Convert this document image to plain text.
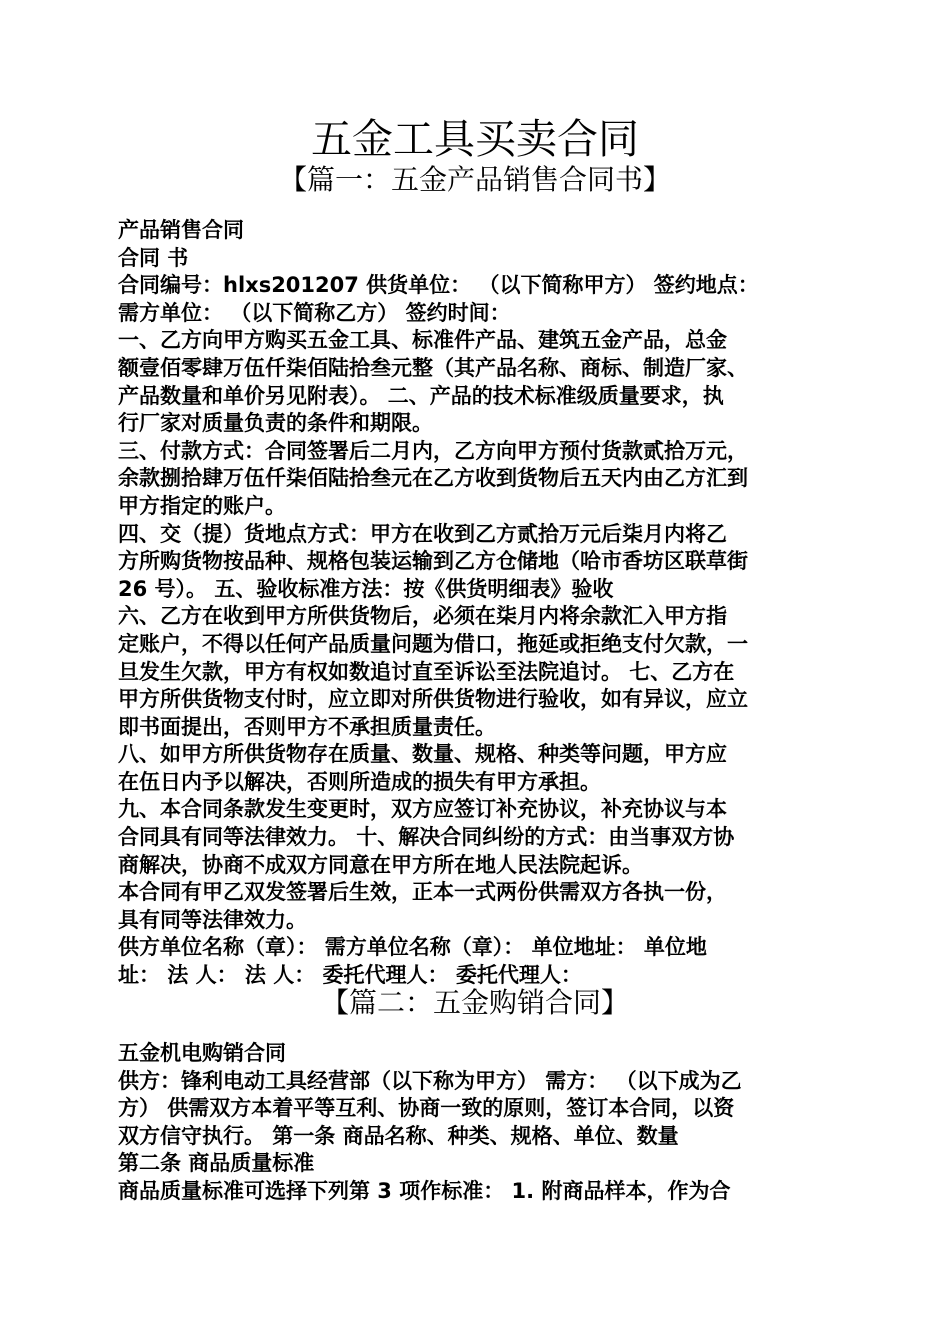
五金工具买卖合同
【篇一：五金产品销售合同书】

产品销售合同

合同 书

合同编号：hlxs201207 供货单位： （以下简称甲方） 签约地点：

需方单位： （以下简称乙方） 签约时间：

一、乙方向甲方购买五金工具、标准件产品、建筑五金产品，总金

额壹佰零肆万伍仟柒佰陆拾叁元整（其产品名称、商标、制造厂家、

产品数量和单价另见附表）。 二、产品的技术标准级质量要求，执

行厂家对质量负责的条件和期限。

三、付款方式：合同签署后二月内，乙方向甲方预付货款贰拾万元，

余款捌拾肆万伍仟柒佰陆拾叁元在乙方收到货物后五天内由乙方汇到

甲方指定的账户。

四、交（提）货地点方式：甲方在收到乙方贰拾万元后柒月内将乙

方所购货物按品种、规格包装运输到乙方仓储地（哈市香坊区联草街

26 号）。 五、验收标准方法：按《供货明细表》验收

六、乙方在收到甲方所供货物后，必须在柒月内将余款汇入甲方指

定账户，不得以任何产品质量问题为借口，拖延或拒绝支付欠款，一

旦发生欠款，甲方有权如数追讨直至诉讼至法院追讨。 七、乙方在

甲方所供货物支付时，应立即对所供货物进行验收，如有异议，应立

即书面提出，否则甲方不承担质量责任。

八、如甲方所供货物存在质量、数量、规格、种类等问题，甲方应

在伍日内予以解决，否则所造成的损失有甲方承担。

九、本合同条款发生变更时，双方应签订补充协议，补充协议与本

合同具有同等法律效力。 十、解决合同纠纷的方式：由当事双方协

商解决，协商不成双方同意在甲方所在地人民法院起诉。

本合同有甲乙双发签署后生效，正本一式两份供需双方各执一份，

具有同等法律效力。

供方单位名称（章）： 需方单位名称（章）： 单位地址： 单位地

址： 法 人： 法 人： 委托代理人： 委托代理人：

【篇二：五金购销合同】

五金机电购销合同

供方：锋利电动工具经营部（以下称为甲方） 需方： （以下成为乙

方） 供需双方本着平等互利、协商一致的原则，签订本合同，以资

双方信守执行。 第一条 商品名称、种类、规格、单位、数量

第二条 商品质量标准

商品质量标准可选择下列第 3 项作标准： 1. 附商品样本，作为合
